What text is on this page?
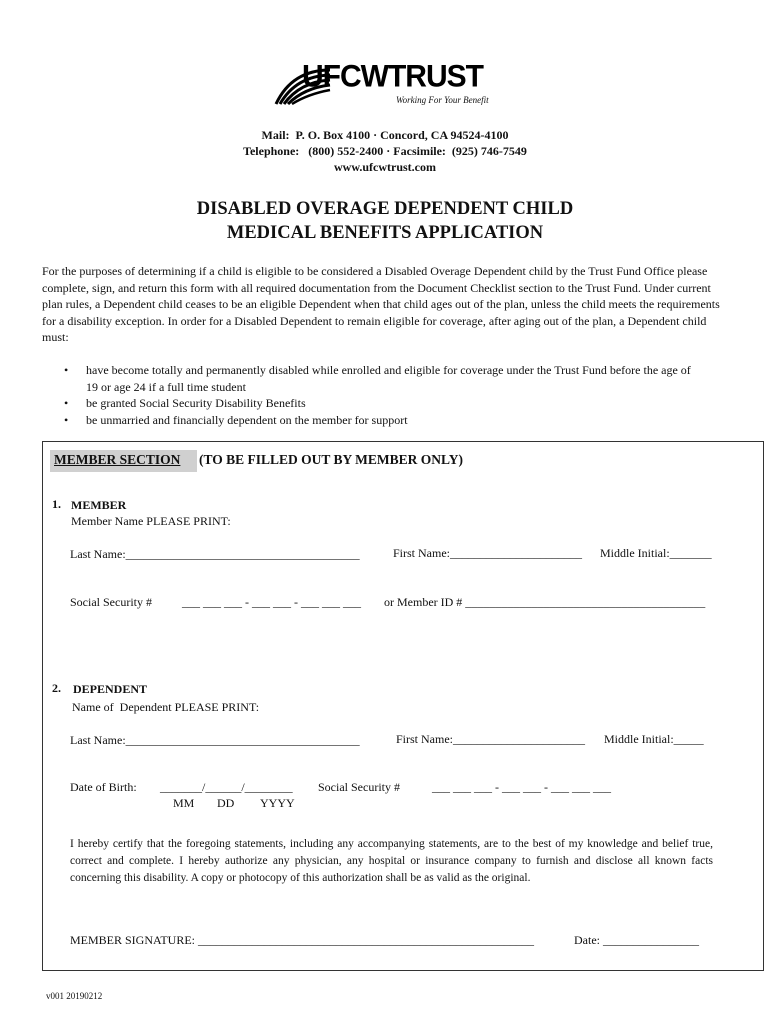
UFCWTRUST
Working For Your Benefit
Mail:  P. O. Box 4100 · Concord, CA 94524-4100
Telephone:   (800) 552-2400 · Facsimile:  (925) 746-7549
www.ufcwtrust.com
DISABLED OVERAGE DEPENDENT CHILD
MEDICAL BENEFITS APPLICATION
For the purposes of determining if a child is eligible to be considered a Disabled Overage Dependent child by the Trust Fund Office please complete, sign, and return this form with all required documentation from the Document Checklist section to the Trust Fund. Under current plan rules, a Dependent child ceases to be an eligible Dependent when that child ages out of the plan, unless the child meets the requirements for a disability exception. In order for a Disabled Dependent to remain eligible for coverage, after aging out of the plan, a Dependent child must:
• have become totally and permanently disabled while enrolled and eligible for coverage under the Trust Fund before the age of 19 or age 24 if a full time student
• be granted Social Security Disability Benefits
• be unmarried and financially dependent on the member for support
MEMBER SECTION (TO BE FILLED OUT BY MEMBER ONLY)
1. MEMBER
Member Name PLEASE PRINT:
Last Name:_______________________________________	First Name:______________________ Middle Initial:_______
Social Security #	___ ___ ___ - ___ ___ - ___ ___ ___ or Member ID # ________________________________________
2. DEPENDENT
Name of  Dependent PLEASE PRINT:
Last Name:_______________________________________	First Name:______________________ Middle Initial:_____
Date of Birth: _______/______/________
MM DD YYYY
Social Security #	___ ___ ___ - ___ ___ - ___ ___ ___
I hereby certify that the foregoing statements, including any accompanying statements, are to the best of my knowledge and belief true, correct and complete. I hereby authorize any physician, any hospital or insurance company to furnish and disclose all known facts concerning this disability. A copy or photocopy of this authorization shall be as valid as the original.
MEMBER SIGNATURE: ________________________________________________________	Date: ________________
v001 20190212
